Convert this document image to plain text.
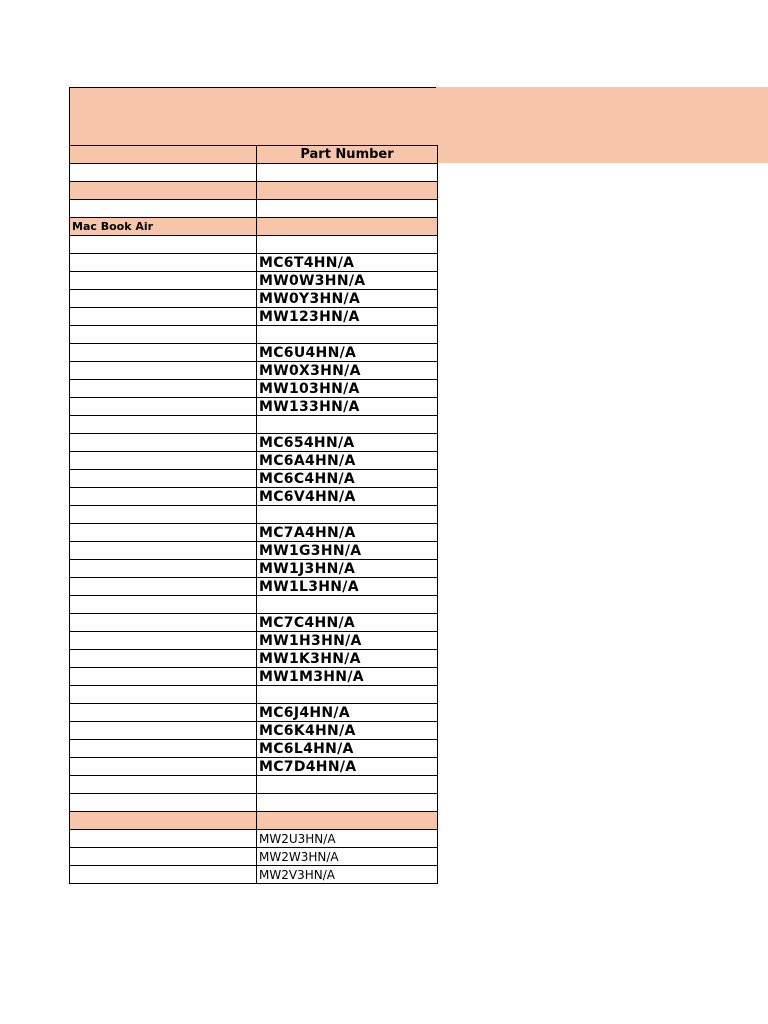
	Part Number

Mac Book Air	

	MC6T4HN/A
	MW0W3HN/A
	MW0Y3HN/A
	MW123HN/A

	MC6U4HN/A
	MW0X3HN/A
	MW103HN/A
	MW133HN/A

	MC654HN/A
	MC6A4HN/A
	MC6C4HN/A
	MC6V4HN/A

	MC7A4HN/A
	MW1G3HN/A
	MW1J3HN/A
	MW1L3HN/A

	MC7C4HN/A
	MW1H3HN/A
	MW1K3HN/A
	MW1M3HN/A

	MC6J4HN/A
	MC6K4HN/A
	MC6L4HN/A
	MC7D4HN/A

	MW2U3HN/A
	MW2W3HN/A
	MW2V3HN/A
